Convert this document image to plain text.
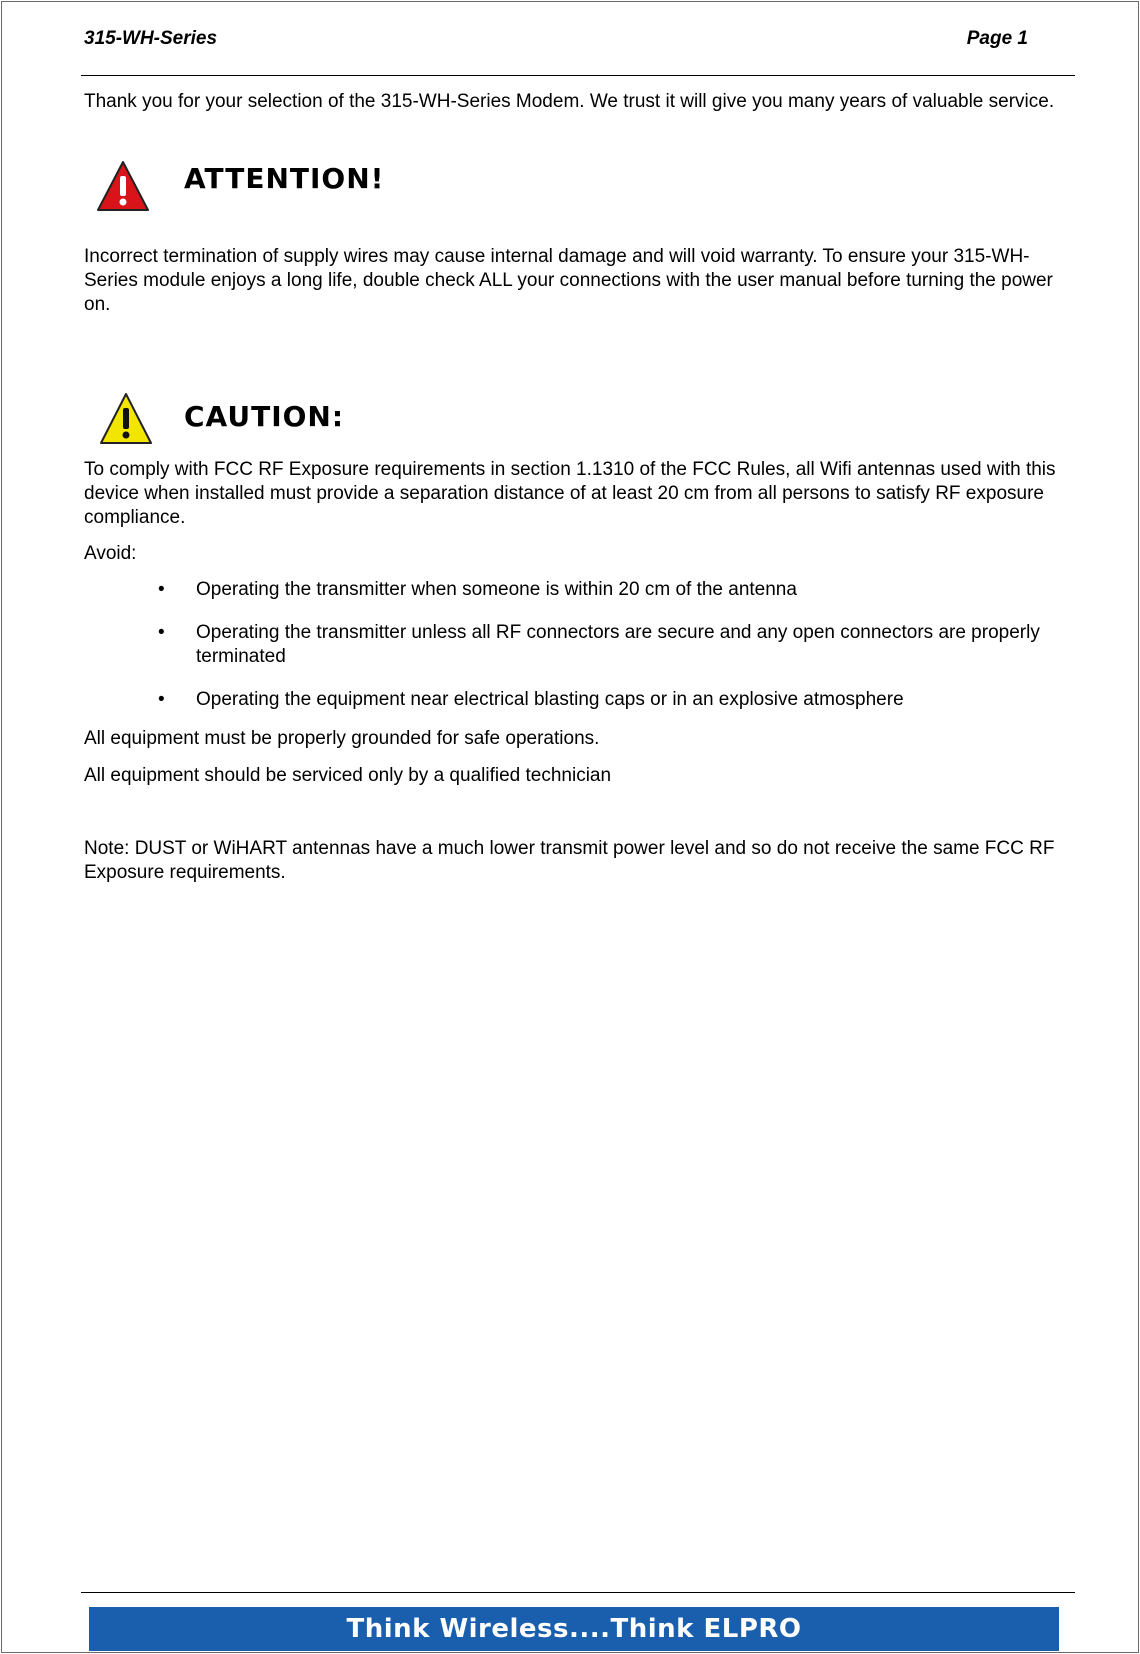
315-WH-Series	Page 1

Thank you for your selection of the 315-WH-Series Modem. We trust it will give you many years of valuable service.

ATTENTION!

Incorrect termination of supply wires may cause internal damage and will void warranty. To ensure your 315-WH-Series module enjoys a long life, double check ALL your connections with the user manual before turning the power on.

CAUTION:

To comply with FCC RF Exposure requirements in section 1.1310 of the FCC Rules, all Wifi antennas used with this device when installed must provide a separation distance of at least 20 cm from all persons to satisfy RF exposure compliance.

Avoid:

• Operating the transmitter when someone is within 20 cm of the antenna
• Operating the transmitter unless all RF connectors are secure and any open connectors are properly terminated
• Operating the equipment near electrical blasting caps or in an explosive atmosphere

All equipment must be properly grounded for safe operations.

All equipment should be serviced only by a qualified technician

Note: DUST or WiHART antennas have a much lower transmit power level and so do not receive the same FCC RF Exposure requirements.

Think Wireless....Think ELPRO
